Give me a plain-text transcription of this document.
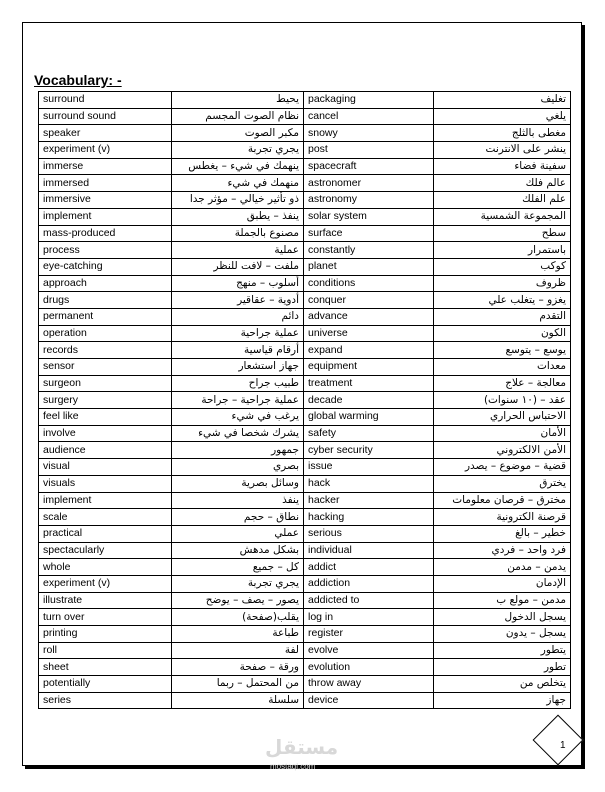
Vocabulary: -
surround	يحيط	packaging	تغليف
surround sound	نظام الصوت المجسم	cancel	يلغي
speaker	مكبر الصوت	snowy	مغطى بالثلج
experiment (v)	يجري تجربة	post	ينشر على الانترنت
immerse	ينهمك في شيء – يغطس	spacecraft	سفينة فضاء
immersed	منهمك في شيء	astronomer	عالم فلك
immersive	ذو تأثير خيالي – مؤثر جدا	astronomy	علم الفلك
implement	ينفذ – يطبق	solar system	المجموعة الشمسية
mass-produced	مصنوع بالجملة	surface	سطح
process	عملية	constantly	باستمرار
eye-catching	ملفت – لافت للنظر	planet	كوكب
approach	أسلوب – منهج	conditions	ظروف
drugs	أدوية – عقاقير	conquer	يغزو – يتغلب علي
permanent	دائم	advance	التقدم
operation	عملية جراحية	universe	الكون
records	أرقام قياسية	expand	يوسع – يتوسع
sensor	جهاز استشعار	equipment	معدات
surgeon	طبيب جراح	treatment	معالجة – علاج
surgery	عملية جراحية – جراحة	decade	عقد – (١٠ سنوات)
feel like	يرغب في شيء	global warming	الاحتباس الحراري
involve	يشرك شخصا في شيء	safety	الأمان
audience	جمهور	cyber security	الأمن الالكتروني
visual	بصري	issue	قضية – موضوع – يصدر
visuals	وسائل بصرية	hack	يخترق
implement	ينفذ	hacker	مخترق – قرصان معلومات
scale	نطاق – حجم	hacking	قرصنة الكترونية
practical	عملي	serious	خطير – بالغ
spectacularly	بشكل مدهش	individual	فرد واحد – فردي
whole	كل – جميع	addict	يدمن – مدمن
experiment (v)	يجري تجربة	addiction	الإدمان
illustrate	يصور – يصف – يوضح	addicted to	مدمن – مولع ب
turn over	يقلب(صفحة)	log in	يسجل الدخول
printing	طباعة	register	يسجل – يدون
roll	لفة	evolve	يتطور
sheet	ورقة – صفحة	evolution	تطور
potentially	من المحتمل – ربما	throw away	يتخلص من
series	سلسلة	device	جهاز
مستقل
mostaql.com
1
